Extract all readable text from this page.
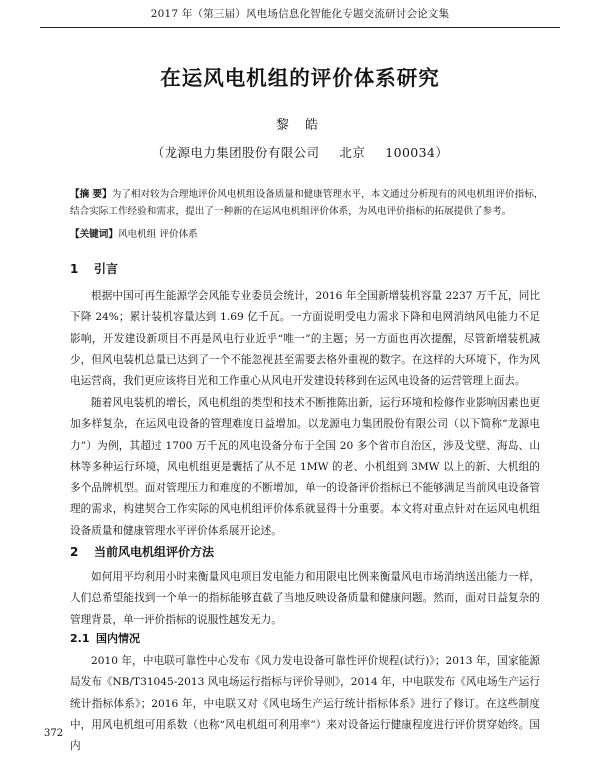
2017 年（第三届）风电场信息化智能化专题交流研讨会论文集
在运风电机组的评价体系研究
黎 皓
（龙源电力集团股份有限公司 北京 100034）
【摘 要】为了相对较为合理地评价风电机组设备质量和健康管理水平，本文通过分析现有的风电机组评价指标，结合实际工作经验和需求，提出了一种新的在运风电机组评价体系，为风电评价指标的拓展提供了参考。
【关键词】风电机组 评价体系
1 引言

根据中国可再生能源学会风能专业委员会统计，2016 年全国新增装机容量 2237 万千瓦，同比下降 24%；累计装机容量达到 1.69 亿千瓦。一方面说明受电力需求下降和电网消纳风电能力不足影响，开发建设新项目不再是风电行业近乎“唯一”的主题；另一方面也再次提醒，尽管新增装机减少，但风电装机总量已达到了一个不能忽视甚至需要去格外重视的数字。在这样的大环境下，作为风电运营商，我们更应该将目光和工作重心从风电开发建设转移到在运风电设备的运营管理上面去。

随着风电装机的增长，风电机组的类型和技术不断推陈出新，运行环境和检修作业影响因素也更加多样复杂，在运风电设备的管理难度日益增加。以龙源电力集团股份有限公司（以下简称“龙源电力”）为例，其超过 1700 万千瓦的风电设备分布于全国 20 多个省市自治区，涉及戈壁、海岛、山林等多种运行环境，风电机组更是囊括了从不足 1MW 的老、小机组到 3MW 以上的新、大机组的多个品牌机型。面对管理压力和难度的不断增加，单一的设备评价指标已不能够满足当前风电设备管理的需求，构建契合工作实际的风电机组评价体系就显得十分重要。本文将对重点针对在运风电机组设备质量和健康管理水平评价体系展开论述。

2 当前风电机组评价方法

如何用平均利用小时来衡量风电项目发电能力和用限电比例来衡量风电市场消纳送出能力一样，人们总希望能找到一个单一的指标能够直截了当地反映设备质量和健康问题。然而，面对日益复杂的管理背景，单一评价指标的说服性越发无力。

2.1 国内情况

2010 年，中电联可靠性中心发布《风力发电设备可靠性评价规程(试行)》；2013 年，国家能源局发布《NB/T31045-2013 风电场运行指标与评价导则》，2014 年，中电联发布《风电场生产运行统计指标体系》；2016 年，中电联又对《风电场生产运行统计指标体系》进行了修订。在这些制度中，用风电机组可用系数（也称“风电机组可利用率”）来对设备运行健康程度进行评价贯穿始终。国内

372
